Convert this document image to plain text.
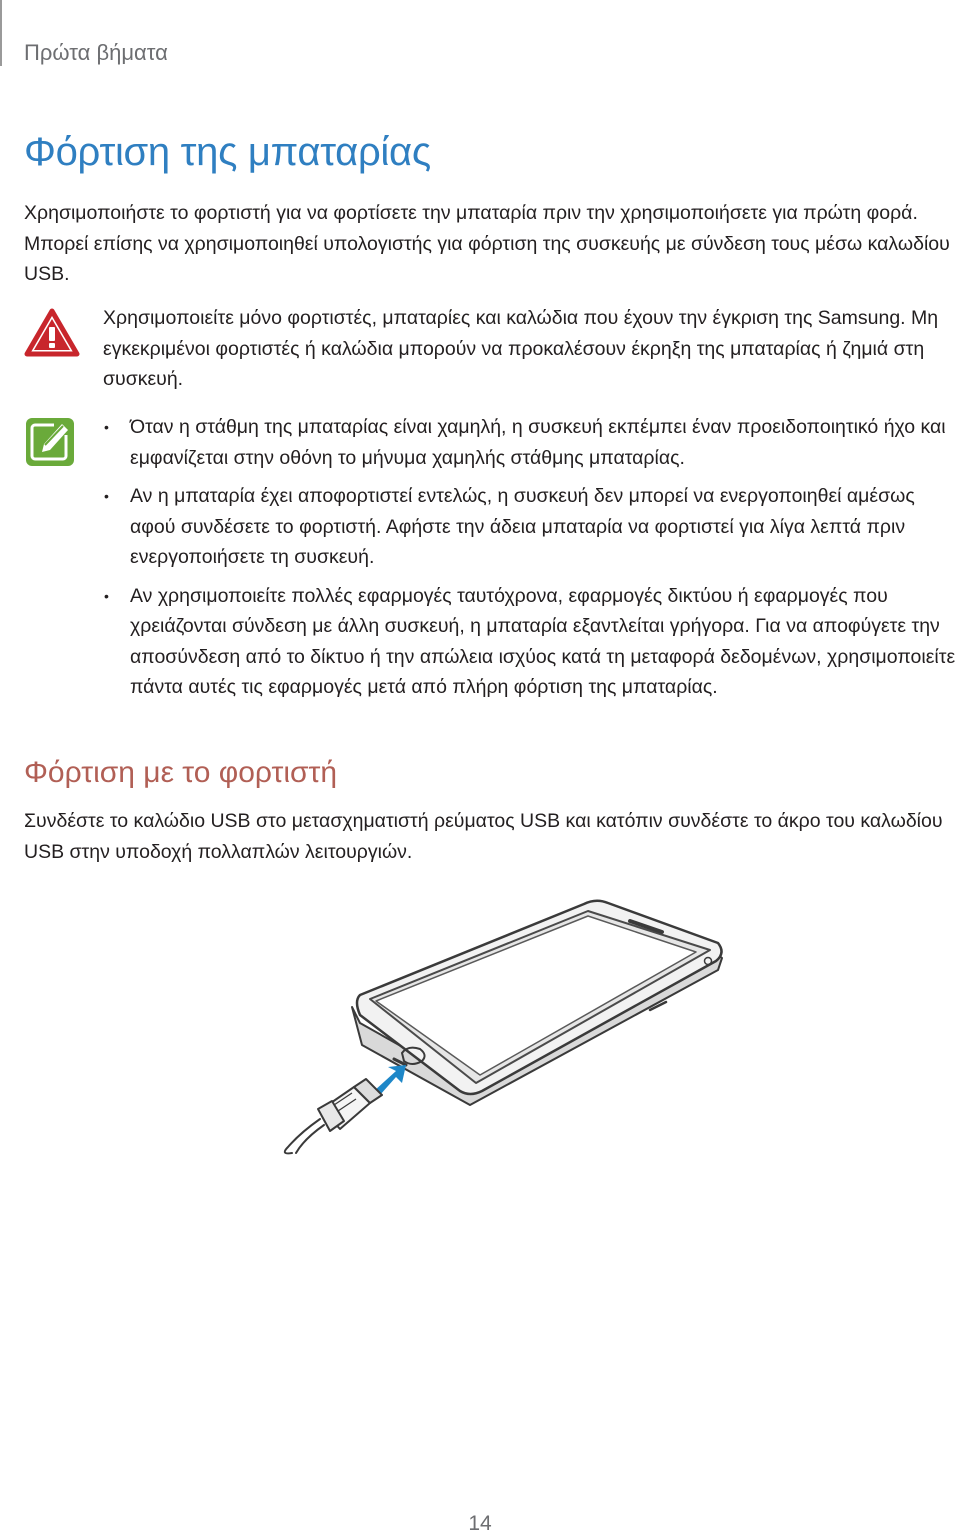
Πρώτα βήματα
Φόρτιση της μπαταρίας

Χρησιμοποιήστε το φορτιστή για να φορτίσετε την μπαταρία πριν την χρησιμοποιήσετε για πρώτη φορά. Μπορεί επίσης να χρησιμοποιηθεί υπολογιστής για φόρτιση της συσκευής με σύνδεση τους μέσω καλωδίου USB.

Χρησιμοποιείτε μόνο φορτιστές, μπαταρίες και καλώδια που έχουν την έγκριση της Samsung. Μη εγκεκριμένοι φορτιστές ή καλώδια μπορούν να προκαλέσουν έκρηξη της μπαταρίας ή ζημιά στη συσκευή.

• Όταν η στάθμη της μπαταρίας είναι χαμηλή, η συσκευή εκπέμπει έναν προειδοποιητικό ήχο και εμφανίζεται στην οθόνη το μήνυμα χαμηλής στάθμης μπαταρίας.
• Αν η μπαταρία έχει αποφορτιστεί εντελώς, η συσκευή δεν μπορεί να ενεργοποιηθεί αμέσως αφού συνδέσετε το φορτιστή. Αφήστε την άδεια μπαταρία να φορτιστεί για λίγα λεπτά πριν ενεργοποιήσετε τη συσκευή.
• Αν χρησιμοποιείτε πολλές εφαρμογές ταυτόχρονα, εφαρμογές δικτύου ή εφαρμογές που χρειάζονται σύνδεση με άλλη συσκευή, η μπαταρία εξαντλείται γρήγορα. Για να αποφύγετε την αποσύνδεση από το δίκτυο ή την απώλεια ισχύος κατά τη μεταφορά δεδομένων, χρησιμοποιείτε πάντα αυτές τις εφαρμογές μετά από πλήρη φόρτιση της μπαταρίας.
Φόρτιση με το φορτιστή

Συνδέστε το καλώδιο USB στο μετασχηματιστή ρεύματος USB και κατόπιν συνδέστε το άκρο του καλωδίου USB στην υποδοχή πολλαπλών λειτουργιών.

14
